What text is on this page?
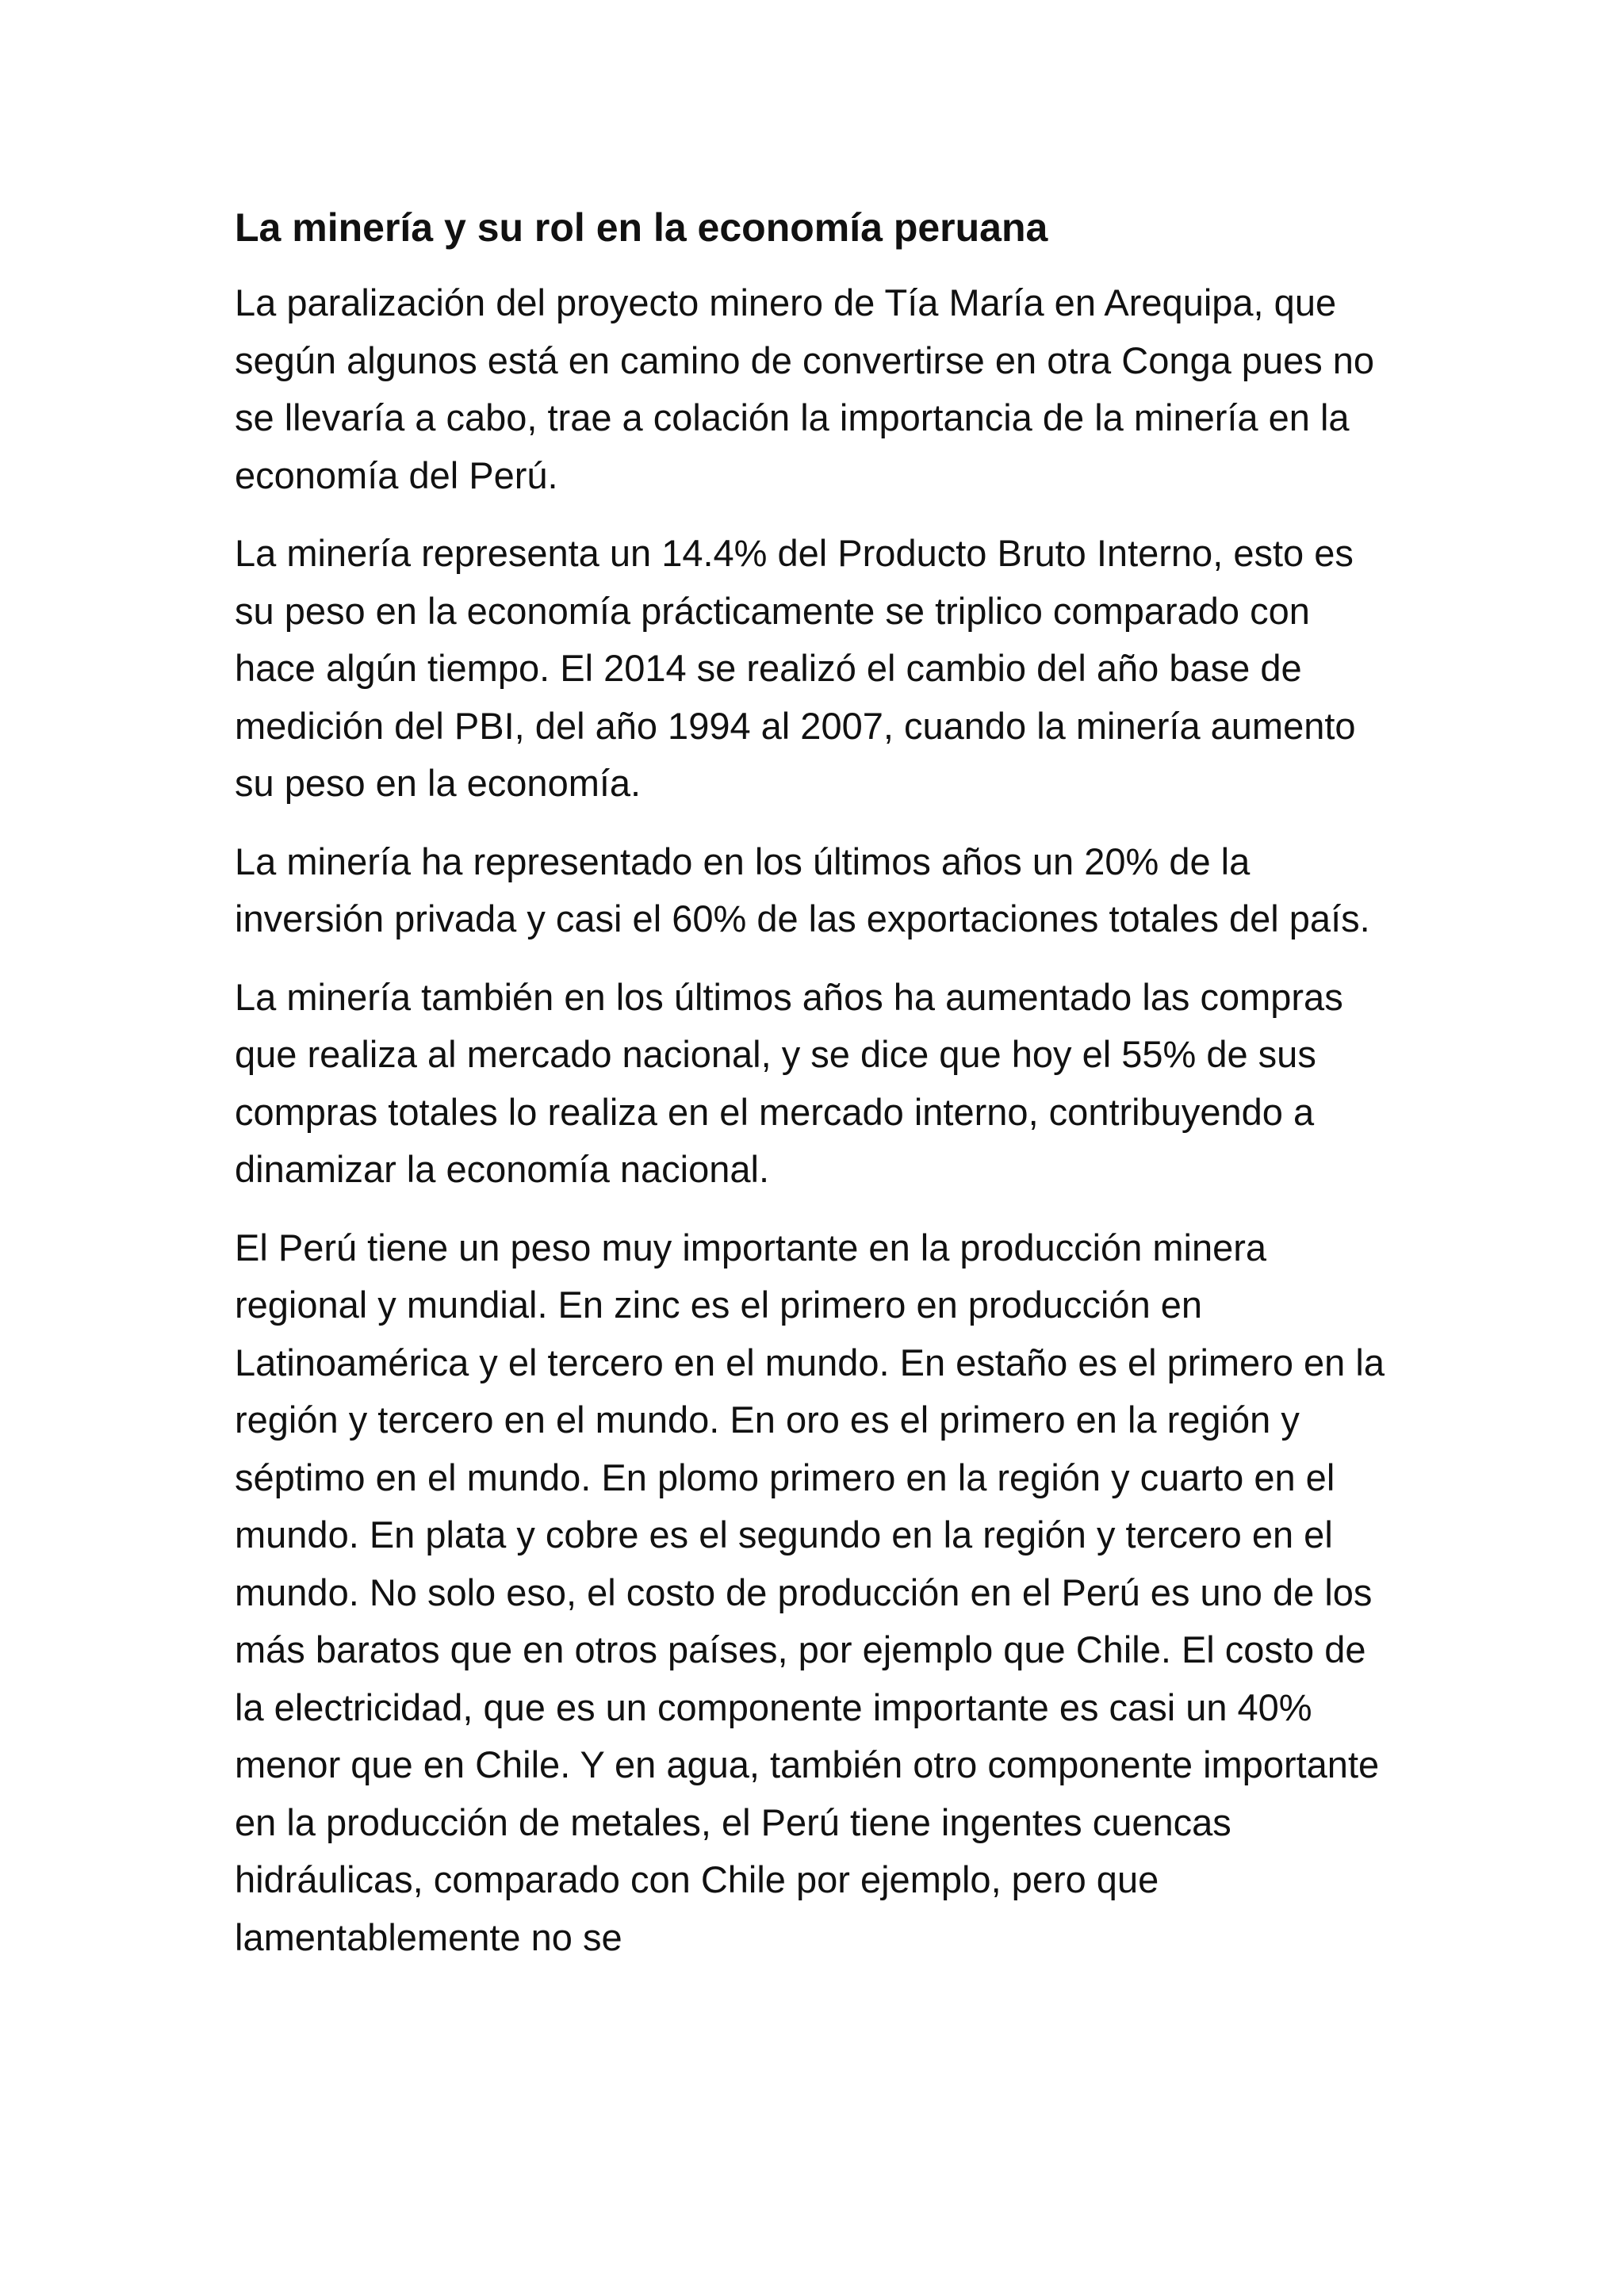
La minería y su rol en la economía peruana

La paralización del proyecto minero de Tía María en Arequipa, que según algunos está en camino de convertirse en otra Conga pues no se llevaría a cabo, trae a colación la importancia de la minería en la economía del Perú.

La minería representa un 14.4% del Producto Bruto Interno, esto es su peso en la economía prácticamente se triplico comparado con hace algún tiempo. El 2014 se realizó el cambio del año base de medición del PBI, del año 1994 al 2007, cuando la minería aumento su peso en la economía.

La minería ha representado en los últimos años un 20% de la inversión privada y casi el 60% de las exportaciones totales del país.

La minería también en los últimos años ha aumentado las compras que realiza al mercado nacional, y se dice que hoy el 55% de sus compras totales lo realiza en el mercado interno, contribuyendo a dinamizar la economía nacional.

El Perú tiene un peso muy importante en la producción minera regional y mundial. En zinc es el primero en producción en Latinoamérica y el tercero en el mundo. En estaño es el primero en la región y tercero en el mundo. En oro es el primero en la región y séptimo en el mundo. En plomo primero en la región y cuarto en el mundo. En plata y cobre es el segundo en la región y tercero en el mundo. No solo eso, el costo de producción en el Perú es uno de los más baratos que en otros países, por ejemplo que Chile. El costo de la electricidad, que es un componente importante es casi un 40% menor que en Chile. Y en agua, también otro componente importante en la producción de metales, el Perú tiene ingentes cuencas hidráulicas, comparado con Chile por ejemplo, pero que lamentablemente no se
